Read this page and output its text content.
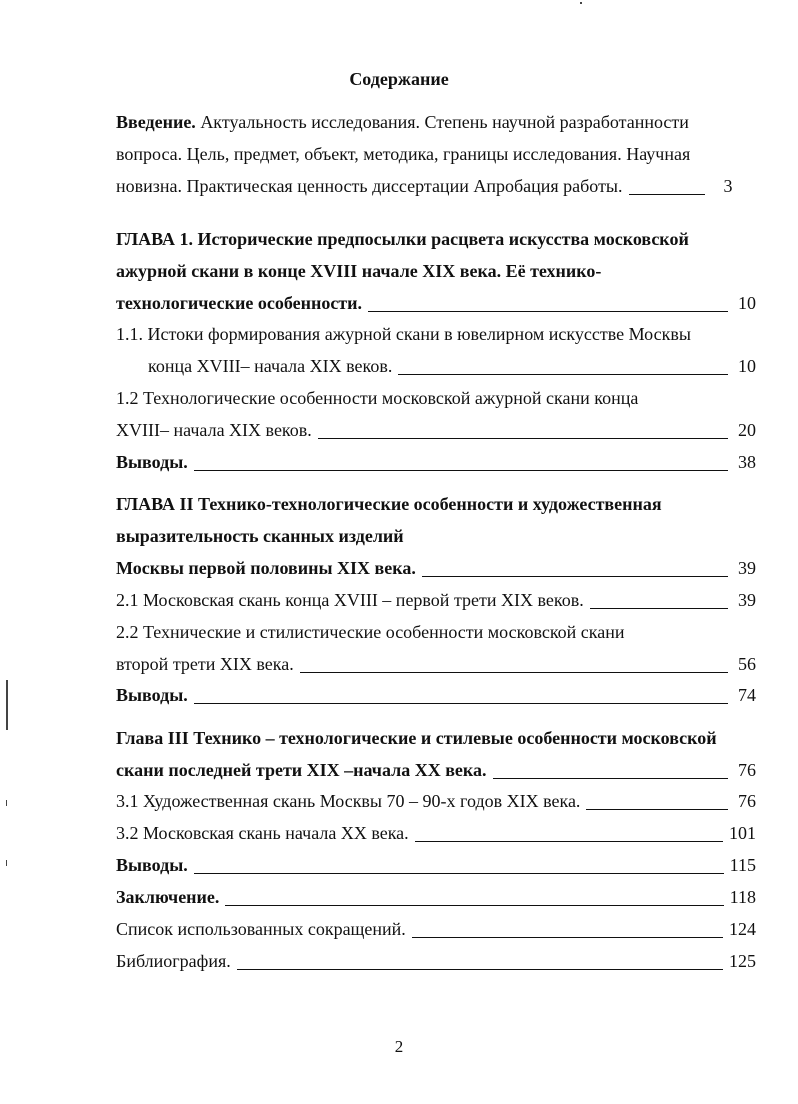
Содержание
Введение. Актуальность исследования. Степень научной разработанности
вопроса. Цель, предмет, объект, методика, границы исследования. Научная
новизна. Практическая ценность диссертации Апробация работы.	3
ГЛАВА 1. Исторические предпосылки расцвета искусства московской
ажурной скани в конце XVIII начале XIX века. Её технико-
технологические особенности.	10
1.1. Истоки формирования ажурной скани в ювелирном искусстве Москвы
конца XVIII– начала XIX веков.	10
1.2 Технологические особенности московской ажурной скани конца
XVIII– начала XIX веков.	20
Выводы.	38
ГЛАВА II Технико-технологические особенности и художественная
выразительность сканных изделий
Москвы первой половины XIX века.	39
2.1 Московская скань конца XVIII – первой трети XIX веков.	39
2.2 Технические и стилистические особенности московской скани
второй трети XIX века.	56
Выводы.	74
Глава III Технико – технологические и стилевые особенности московской
скани последней трети XIX –начала XX века.	76
3.1 Художественная скань Москвы 70 – 90-х годов XIX века.	76
3.2 Московская скань начала XX века.	101
Выводы.	115
Заключение.	118
Список использованных сокращений.	124
Библиография.	125
2
